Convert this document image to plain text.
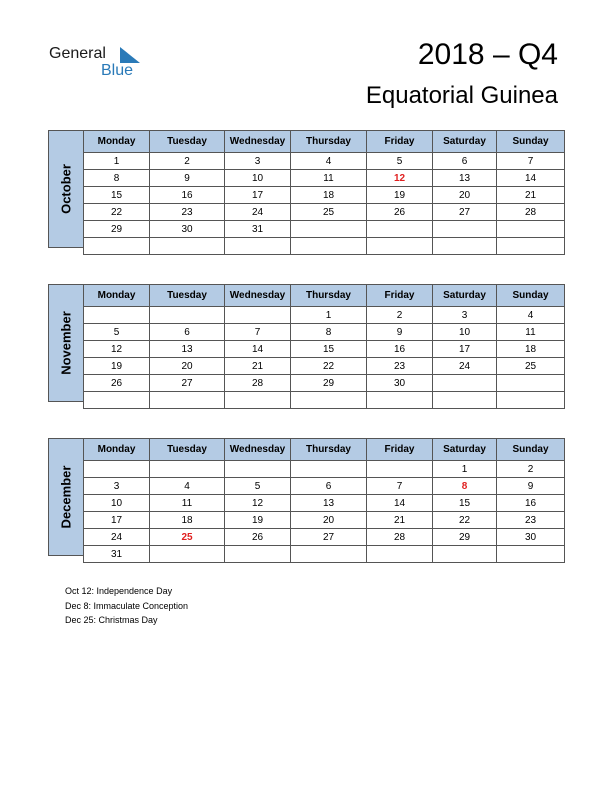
General
Blue	2018 – Q4
Equatorial Guinea
October
Monday	Tuesday	Wednesday	Thursday	Friday	Saturday	Sunday
1	2	3	4	5	6	7
8	9	10	11	12	13	14
15	16	17	18	19	20	21
22	23	24	25	26	27	28
29	30	31				

November
Monday	Tuesday	Wednesday	Thursday	Friday	Saturday	Sunday
			1	2	3	4
5	6	7	8	9	10	11
12	13	14	15	16	17	18
19	20	21	22	23	24	25
26	27	28	29	30		

December
Monday	Tuesday	Wednesday	Thursday	Friday	Saturday	Sunday
					1	2
3	4	5	6	7	8	9
10	11	12	13	14	15	16
17	18	19	20	21	22	23
24	25	26	27	28	29	30
31						
Oct 12: Independence Day
Dec 8: Immaculate Conception
Dec 25: Christmas Day
